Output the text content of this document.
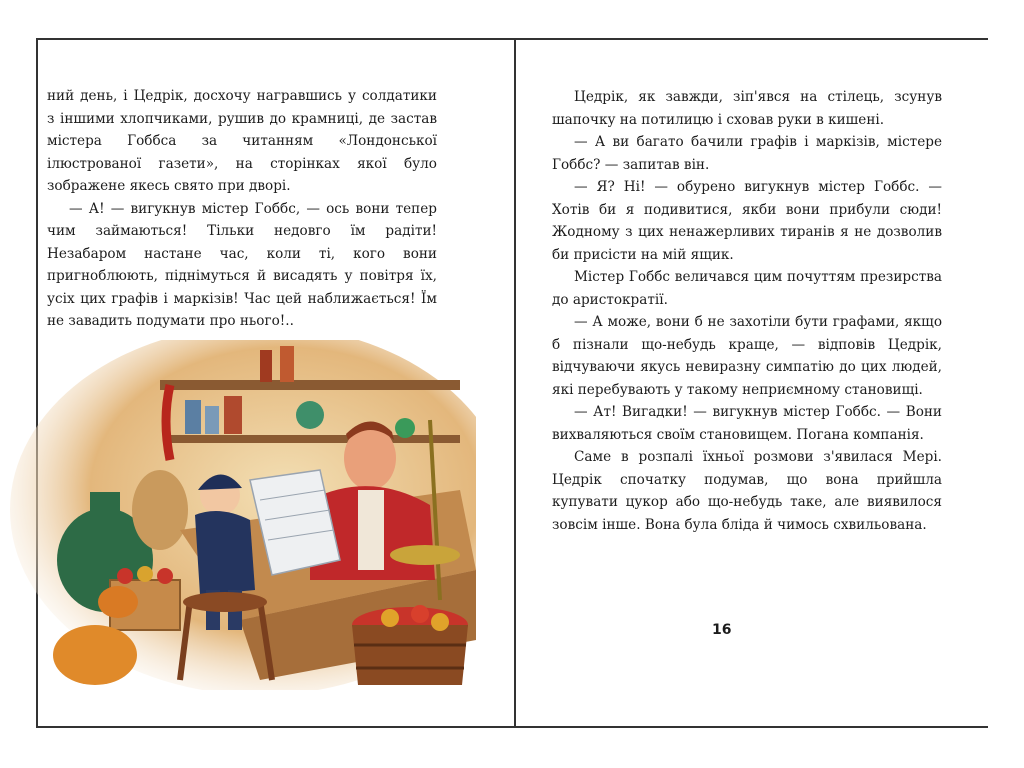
ний день, і Цедрік, досхочу награвшись у солдатики з іншими хлопчиками, рушив до крамниці, де застав містера Гоббса за читанням «Лондонської ілюстрованої газети», на сторінках якої було зображене якесь свято при дворі.

— А! — вигукнув містер Гоббс, — ось вони тепер чим займаються! Тільки недовго їм радіти! Незабаром настане час, коли ті, кого вони пригноблюють, піднімуться й висадять у повітря їх, усіх цих графів і маркізів! Час цей наближається! Їм не завадить подумати про нього!..

Цедрік, як завжди, зіп'явся на стілець, зсунув шапочку на потилицю і сховав руки в кишені.

— А ви багато бачили графів і маркізів, містере Гоббс? — запитав він.

— Я? Ні! — обурено вигукнув містер Гоббс. — Хотів би я подивитися, якби вони прибули сюди! Жодному з цих ненажерливих тиранів я не дозволив би присісти на мій ящик.

Містер Гоббс величався цим почуттям презирства до аристократії.

— А може, вони б не захотіли бути графами, якщо б пізнали що-небудь краще, — відповів Цедрік, відчуваючи якусь невиразну симпатію до цих людей, які перебувають у такому неприємному становищі.

— Ат! Вигадки! — вигукнув містер Гоббс. — Вони вихваляються своїм становищем. Погана компанія.

Саме в розпалі їхньої розмови з'явилася Мері. Цедрік спочатку подумав, що вона прийшла купувати цукор або що-небудь таке, але виявилося зовсім інше. Вона була бліда й чимось схвильована.

16
